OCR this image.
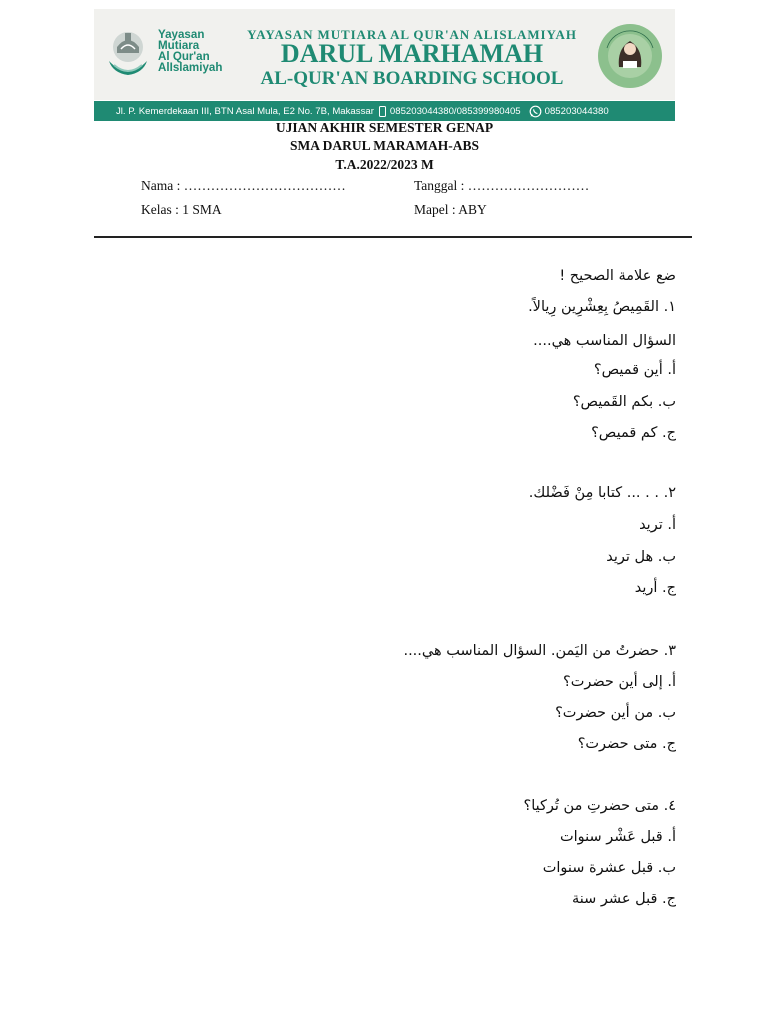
Yayasan
Mutiara
Al Qur'an
AlIslamiyah
YAYASAN MUTIARA AL QUR'AN ALISLAMIYAH
DARUL MARHAMAH
AL-QUR'AN BOARDING SCHOOL
Jl. P. Kemerdekaan III, BTN Asal Mula, E2 No. 7B, Makassar 085203044380/085399980405	085203044380
UJIAN AKHIR SEMESTER GENAP
SMA DARUL MARAMAH-ABS
T.A.2022/2023 M
Nama : ………………………………	Tanggal : ………………………
Kelas : 1 SMA	Mapel : ABY
ضع علامة الصحيح !
١. القَمِيصُ بِعِشْرِين رِيالاً.
السؤال المناسب هي....
أ. أين قميص؟
ب. بكم القَميص؟
ج. كم قميص؟
٢. . . ... كتابا مِنْ فَضْلك.
أ. تريد
ب. هل تريد
ج. أريد
٣. حضرتُ من اليَمن. السؤال المناسب هي....
أ. إلى أين حضرت؟
ب. من أين حضرت؟
ج. متى حضرت؟
٤. متى حضرتِ من تُركيا؟
أ. قبل عَشْر سنوات
ب. قبل عشرة سنوات
ج. قبل عشر سنة
